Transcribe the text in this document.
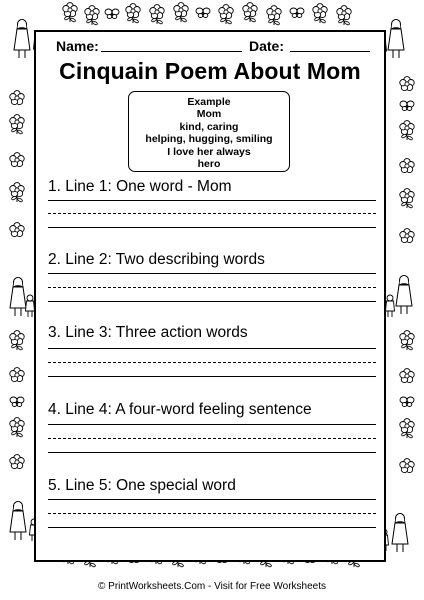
Name:	Date:
Cinquain Poem About Mom
Example
Mom
kind, caring
helping, hugging, smiling
I love her always
hero
1. Line 1: One word - Mom
2. Line 2: Two describing words
3. Line 3: Three action words
4. Line 4: A four-word feeling sentence
5. Line 5: One special word
© PrintWorksheets.Com - Visit for Free Worksheets
